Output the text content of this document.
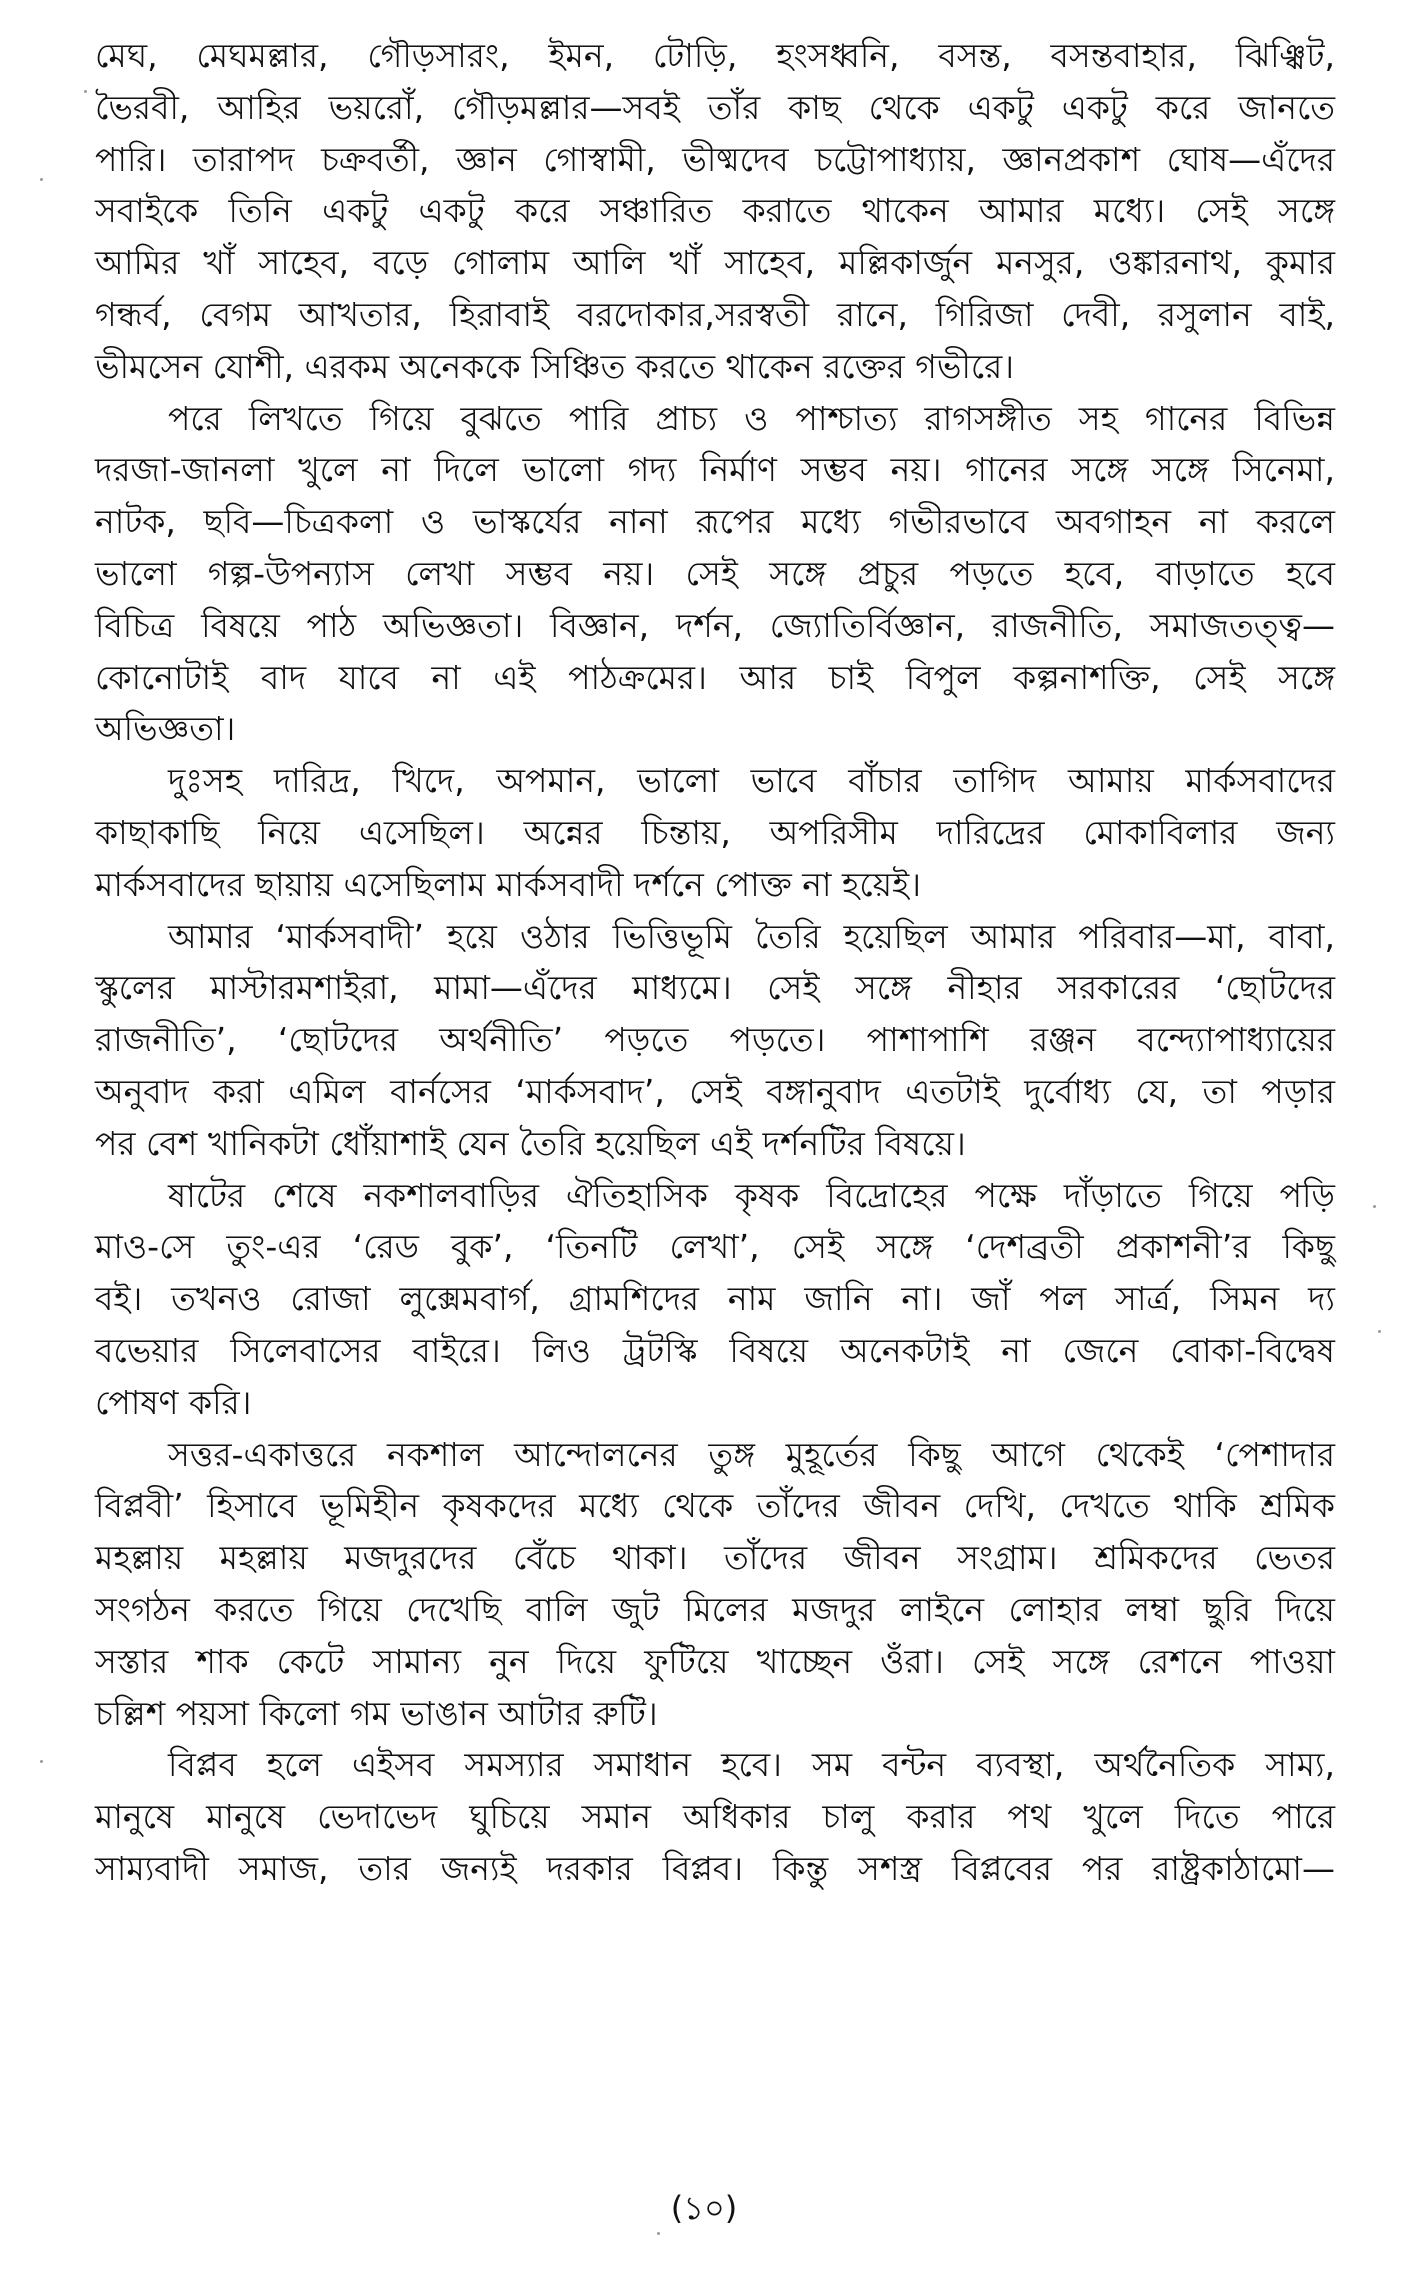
মেঘ, মেঘমল্লার, গৌড়সারং, ইমন, টোড়ি, হংসধ্বনি, বসন্ত, বসন্তবাহার, ঝিঞ্ঝিট,
ভৈরবী, আহির ভয়রোঁ, গৌড়মল্লার—সবই তাঁর কাছ থেকে একটু একটু করে জানতে
পারি। তারাপদ চক্রবর্তী, জ্ঞান গোস্বামী, ভীষ্মদেব চট্টোপাধ্যায়, জ্ঞানপ্রকাশ ঘোষ—এঁদের
সবাইকে তিনি একটু একটু করে সঞ্চারিত করাতে থাকেন আমার মধ্যে। সেই সঙ্গে
আমির খাঁ সাহেব, বড়ে গোলাম আলি খাঁ সাহেব, মল্লিকার্জুন মনসুর, ওঙ্কারনাথ, কুমার
গন্ধর্ব, বেগম আখতার, হিরাবাই বরদোকার,সরস্বতী রানে, গিরিজা দেবী, রসুলান বাই,
ভীমসেন যোশী, এরকম অনেককে সিঞ্চিত করতে থাকেন রক্তের গভীরে।
পরে লিখতে গিয়ে বুঝতে পারি প্রাচ্য ও পাশ্চাত্য রাগসঙ্গীত সহ গানের বিভিন্ন
দরজা-জানলা খুলে না দিলে ভালো গদ্য নির্মাণ সম্ভব নয়। গানের সঙ্গে সঙ্গে সিনেমা,
নাটক, ছবি—চিত্রকলা ও ভাস্কর্যের নানা রূপের মধ্যে গভীরভাবে অবগাহন না করলে
ভালো গল্প-উপন্যাস লেখা সম্ভব নয়। সেই সঙ্গে প্রচুর পড়তে হবে, বাড়াতে হবে
বিচিত্র বিষয়ে পাঠ অভিজ্ঞতা। বিজ্ঞান, দর্শন, জ্যোতির্বিজ্ঞান, রাজনীতি, সমাজতত্ত্ব—
কোনোটাই বাদ যাবে না এই পাঠক্রমের। আর চাই বিপুল কল্পনাশক্তি, সেই সঙ্গে
অভিজ্ঞতা।
দুঃসহ দারিদ্র, খিদে, অপমান, ভালো ভাবে বাঁচার তাগিদ আমায় মার্কসবাদের
কাছাকাছি নিয়ে এসেছিল। অন্নের চিন্তায়, অপরিসীম দারিদ্রের মোকাবিলার জন্য
মার্কসবাদের ছায়ায় এসেছিলাম মার্কসবাদী দর্শনে পোক্ত না হয়েই।
আমার ‘মার্কসবাদী’ হয়ে ওঠার ভিত্তিভূমি তৈরি হয়েছিল আমার পরিবার—মা, বাবা,
স্কুলের মাস্টারমশাইরা, মামা—এঁদের মাধ্যমে। সেই সঙ্গে নীহার সরকারের ‘ছোটদের
রাজনীতি’, ‘ছোটদের অর্থনীতি’ পড়তে পড়তে। পাশাপাশি রঞ্জন বন্দ্যোপাধ্যায়ের
অনুবাদ করা এমিল বার্নসের ‘মার্কসবাদ’, সেই বঙ্গানুবাদ এতটাই দুর্বোধ্য যে, তা পড়ার
পর বেশ খানিকটা ধোঁয়াশাই যেন তৈরি হয়েছিল এই দর্শনটির বিষয়ে।
ষাটের শেষে নকশালবাড়ির ঐতিহাসিক কৃষক বিদ্রোহের পক্ষে দাঁড়াতে গিয়ে পড়ি
মাও-সে তুং-এর ‘রেড বুক’, ‘তিনটি লেখা’, সেই সঙ্গে ‘দেশব্রতী প্রকাশনী’র কিছু
বই। তখনও রোজা লুক্সেমবার্গ, গ্রামশিদের নাম জানি না। জাঁ পল সার্ত্র, সিমন দ্য
বভেয়ার সিলেবাসের বাইরে। লিও ট্রটস্কি বিষয়ে অনেকটাই না জেনে বোকা-বিদ্বেষ
পোষণ করি।
সত্তর-একাত্তরে নকশাল আন্দোলনের তুঙ্গ মুহূর্তের কিছু আগে থেকেই ‘পেশাদার
বিপ্লবী’ হিসাবে ভূমিহীন কৃষকদের মধ্যে থেকে তাঁদের জীবন দেখি, দেখতে থাকি শ্রমিক
মহল্লায় মহল্লায় মজদুরদের বেঁচে থাকা। তাঁদের জীবন সংগ্রাম। শ্রমিকদের ভেতর
সংগঠন করতে গিয়ে দেখেছি বালি জুট মিলের মজদুর লাইনে লোহার লম্বা ছুরি দিয়ে
সস্তার শাক কেটে সামান্য নুন দিয়ে ফুটিয়ে খাচ্ছেন ওঁরা। সেই সঙ্গে রেশনে পাওয়া
চল্লিশ পয়সা কিলো গম ভাঙান আটার রুটি।
বিপ্লব হলে এইসব সমস্যার সমাধান হবে। সম বন্টন ব্যবস্থা, অর্থনৈতিক সাম্য,
মানুষে মানুষে ভেদাভেদ ঘুচিয়ে সমান অধিকার চালু করার পথ খুলে দিতে পারে
সাম্যবাদী সমাজ, তার জন্যই দরকার বিপ্লব। কিন্তু সশস্ত্র বিপ্লবের পর রাষ্ট্রকাঠামো—
(১০)
